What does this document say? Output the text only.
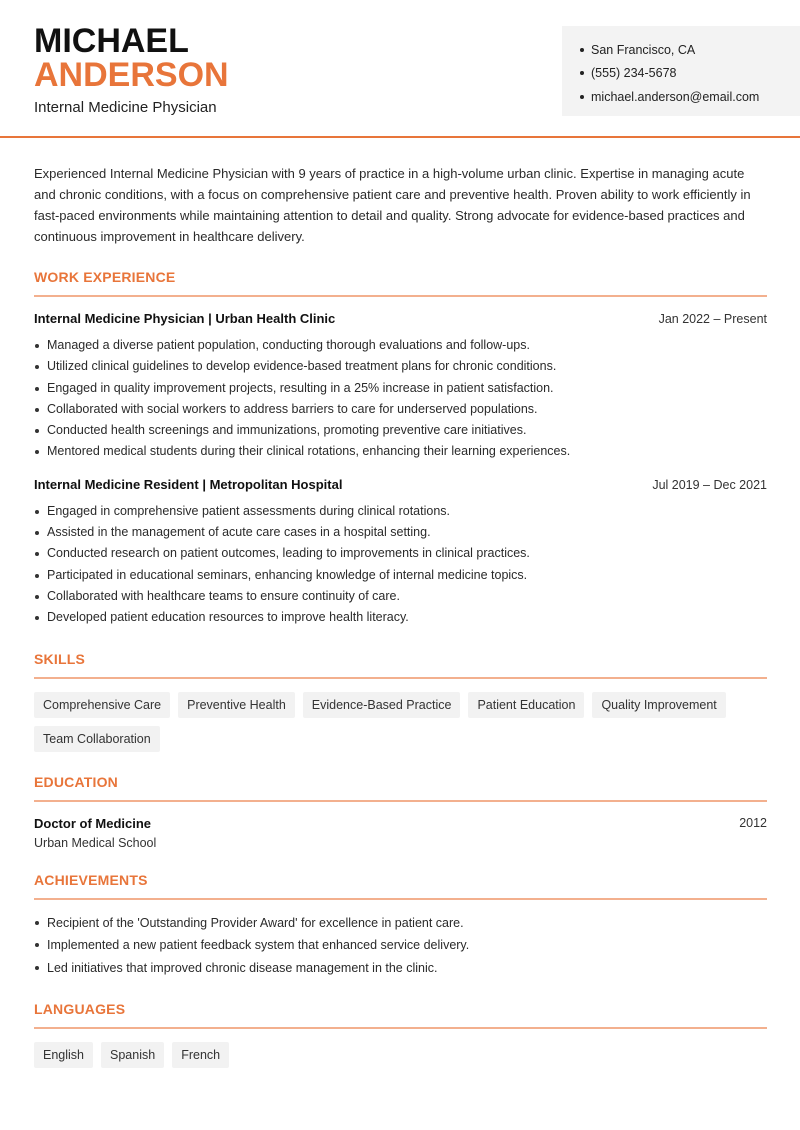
MICHAEL
ANDERSON
Internal Medicine Physician
San Francisco, CA
(555) 234-5678
michael.anderson@email.com

Experienced Internal Medicine Physician with 9 years of practice in a high-volume urban clinic. Expertise in managing acute and chronic conditions, with a focus on comprehensive patient care and preventive health. Proven ability to work efficiently in fast-paced environments while maintaining attention to detail and quality. Strong advocate for evidence-based practices and continuous improvement in healthcare delivery.

WORK EXPERIENCE
Internal Medicine Physician | Urban Health Clinic	Jan 2022 – Present
Managed a diverse patient population, conducting thorough evaluations and follow-ups.
Utilized clinical guidelines to develop evidence-based treatment plans for chronic conditions.
Engaged in quality improvement projects, resulting in a 25% increase in patient satisfaction.
Collaborated with social workers to address barriers to care for underserved populations.
Conducted health screenings and immunizations, promoting preventive care initiatives.
Mentored medical students during their clinical rotations, enhancing their learning experiences.
Internal Medicine Resident | Metropolitan Hospital	Jul 2019 – Dec 2021
Engaged in comprehensive patient assessments during clinical rotations.
Assisted in the management of acute care cases in a hospital setting.
Conducted research on patient outcomes, leading to improvements in clinical practices.
Participated in educational seminars, enhancing knowledge of internal medicine topics.
Collaborated with healthcare teams to ensure continuity of care.
Developed patient education resources to improve health literacy.
SKILLS
Comprehensive Care	Preventive Health	Evidence-Based Practice	Patient Education	Quality Improvement
Team Collaboration
EDUCATION
Doctor of Medicine	2012
Urban Medical School
ACHIEVEMENTS
Recipient of the 'Outstanding Provider Award' for excellence in patient care.
Implemented a new patient feedback system that enhanced service delivery.
Led initiatives that improved chronic disease management in the clinic.
LANGUAGES
English	Spanish	French
